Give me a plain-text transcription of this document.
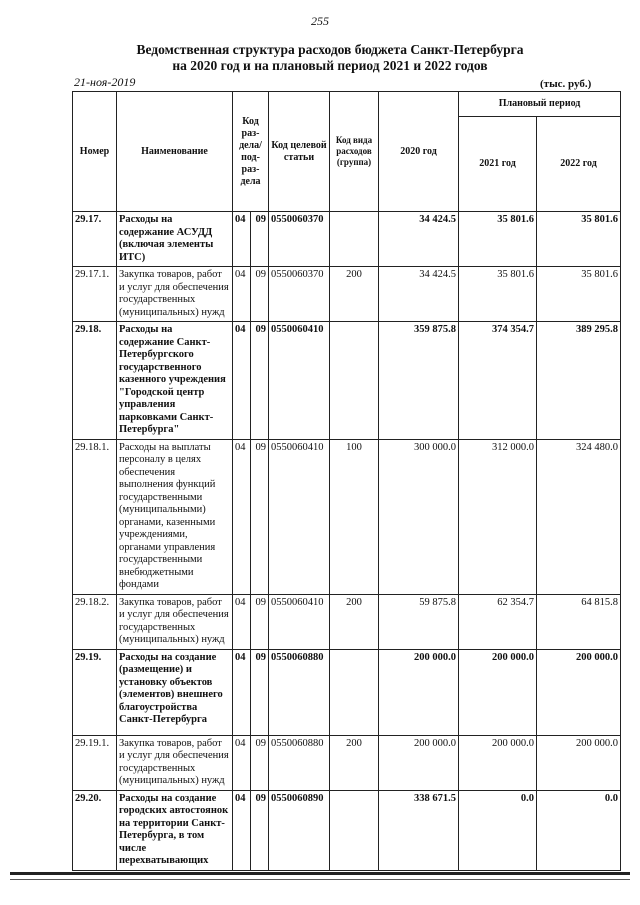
255
Ведомственная структура расходов бюджета Санкт-Петербурга
на 2020 год и на плановый период 2021 и 2022 годов
21-ноя-2019	(тыс. руб.)
Номер	Наименование	Код раз-дела/ под-раз-дела		Код целевой статьи	Код вида расходов (группа)	2020 год	Плановый период	
							2021 год	2022 год
29.17.	Расходы на содержание АСУДД (включая элементы ИТС)	04	09	0550060370		34 424.5	35 801.6	35 801.6
29.17.1.	Закупка товаров, работ и услуг для обеспечения государственных (муниципальных) нужд	04	09	0550060370	200	34 424.5	35 801.6	35 801.6
29.18.	Расходы на содержание Санкт-Петербургского государственного казенного учреждения "Городской центр управления парковками Санкт-Петербурга"	04	09	0550060410		359 875.8	374 354.7	389 295.8
29.18.1.	Расходы на выплаты персоналу в целях обеспечения выполнения функций государственными (муниципальными) органами, казенными учреждениями, органами управления государственными внебюджетными фондами	04	09	0550060410	100	300 000.0	312 000.0	324 480.0
29.18.2.	Закупка товаров, работ и услуг для обеспечения государственных (муниципальных) нужд	04	09	0550060410	200	59 875.8	62 354.7	64 815.8
29.19.	Расходы на создание (размещение) и установку объектов (элементов) внешнего благоустройства Санкт-Петербурга	04	09	0550060880		200 000.0	200 000.0	200 000.0
29.19.1.	Закупка товаров, работ и услуг для обеспечения государственных (муниципальных) нужд	04	09	0550060880	200	200 000.0	200 000.0	200 000.0
29.20.	Расходы на создание городских автостоянок на территории Санкт-Петербурга, в том числе перехватывающих	04	09	0550060890		338 671.5	0.0	0.0
